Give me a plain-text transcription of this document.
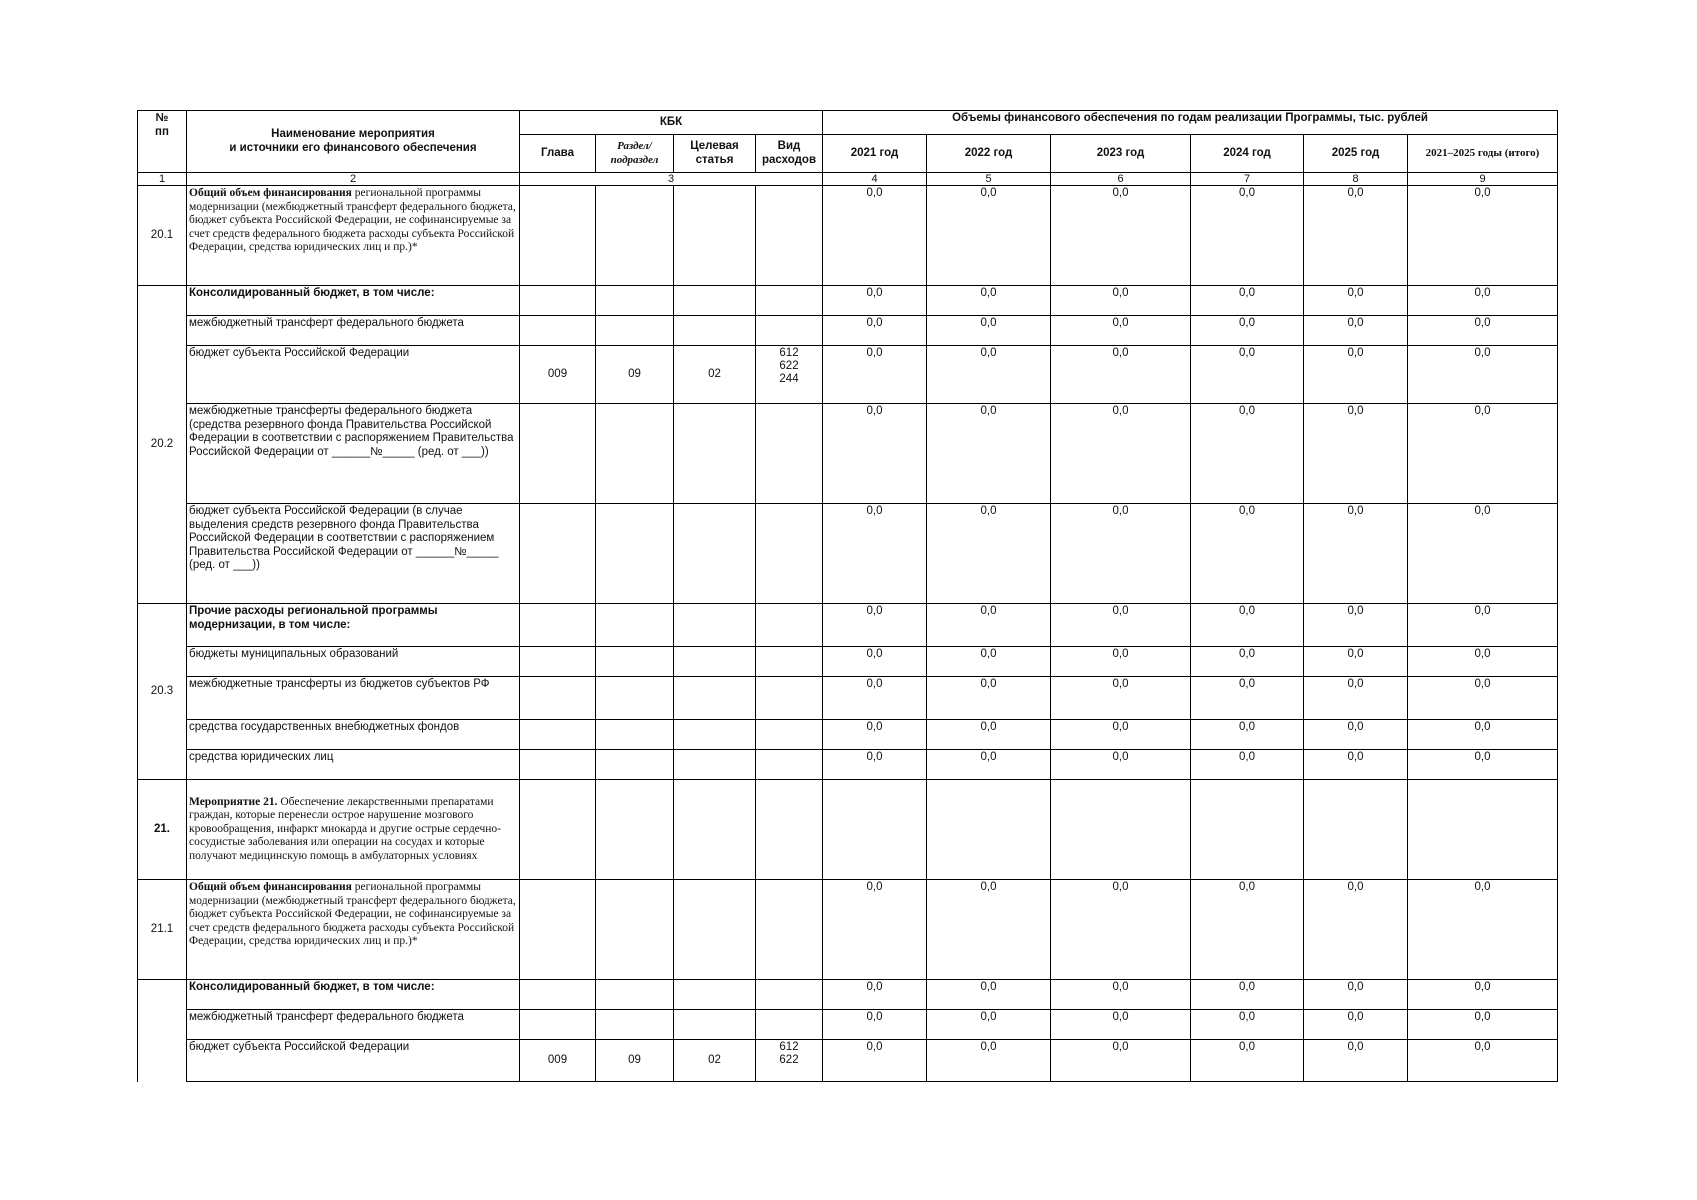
№
пп	Наименование мероприятия
и источники его финансового обеспечения	КБК				Объемы финансового обеспечения по годам реализации Программы, тыс. рублей					
		Глава	Раздел/
подраздел	Целевая
статья	Вид
расходов	2021 год	2022 год	2023 год	2024 год	2025 год	2021–2025 годы (итого)
1	2	3				4	5	6	7	8	9
20.1	Общий объем финансирования региональной программы модернизации (межбюджетный трансферт федерального бюджета, бюджет субъекта Российской Федерации, не софинансируемые за счет средств федерального бюджета расходы субъекта Российской Федерации, средства юридических лиц и пр.)*					0,0	0,0	0,0	0,0	0,0	0,0
20.2	Консолидированный бюджет, в том числе:					0,0	0,0	0,0	0,0	0,0	0,0
	межбюджетный трансферт федерального бюджета					0,0	0,0	0,0	0,0	0,0	0,0
	бюджет субъекта Российской Федерации	009	09	02	612
622
244	0,0	0,0	0,0	0,0	0,0	0,0
	межбюджетные трансферты федерального бюджета (средства резервного фонда Правительства Российской Федерации в соответствии с распоряжением Правительства Российской Федерации от ______№_____ (ред. от ___))					0,0	0,0	0,0	0,0	0,0	0,0
	бюджет субъекта Российской Федерации (в случае выделения средств резервного фонда Правительства Российской Федерации в соответствии с распоряжением Правительства Российской Федерации от ______№_____ (ред. от ___))					0,0	0,0	0,0	0,0	0,0	0,0
20.3	Прочие расходы региональной программы модернизации, в том числе:					0,0	0,0	0,0	0,0	0,0	0,0
	бюджеты муниципальных образований					0,0	0,0	0,0	0,0	0,0	0,0
	межбюджетные трансферты из бюджетов субъектов РФ					0,0	0,0	0,0	0,0	0,0	0,0
	средства государственных внебюджетных фондов					0,0	0,0	0,0	0,0	0,0	0,0
	средства юридических лиц					0,0	0,0	0,0	0,0	0,0	0,0
21.	Мероприятие 21. Обеспечение лекарственными препаратами граждан, которые перенесли острое нарушение мозгового кровообращения, инфаркт миокарда и другие острые сердечно-сосудистые заболевания или операции на сосудах и которые получают медицинскую помощь в амбулаторных условиях										
21.1	Общий объем финансирования региональной программы модернизации (межбюджетный трансферт федерального бюджета, бюджет субъекта Российской Федерации, не софинансируемые за счет средств федерального бюджета расходы субъекта Российской Федерации, средства юридических лиц и пр.)*					0,0	0,0	0,0	0,0	0,0	0,0
	Консолидированный бюджет, в том числе:					0,0	0,0	0,0	0,0	0,0	0,0
	межбюджетный трансферт федерального бюджета					0,0	0,0	0,0	0,0	0,0	0,0
	бюджет субъекта Российской Федерации	009	09	02	612
622	0,0	0,0	0,0	0,0	0,0	0,0
